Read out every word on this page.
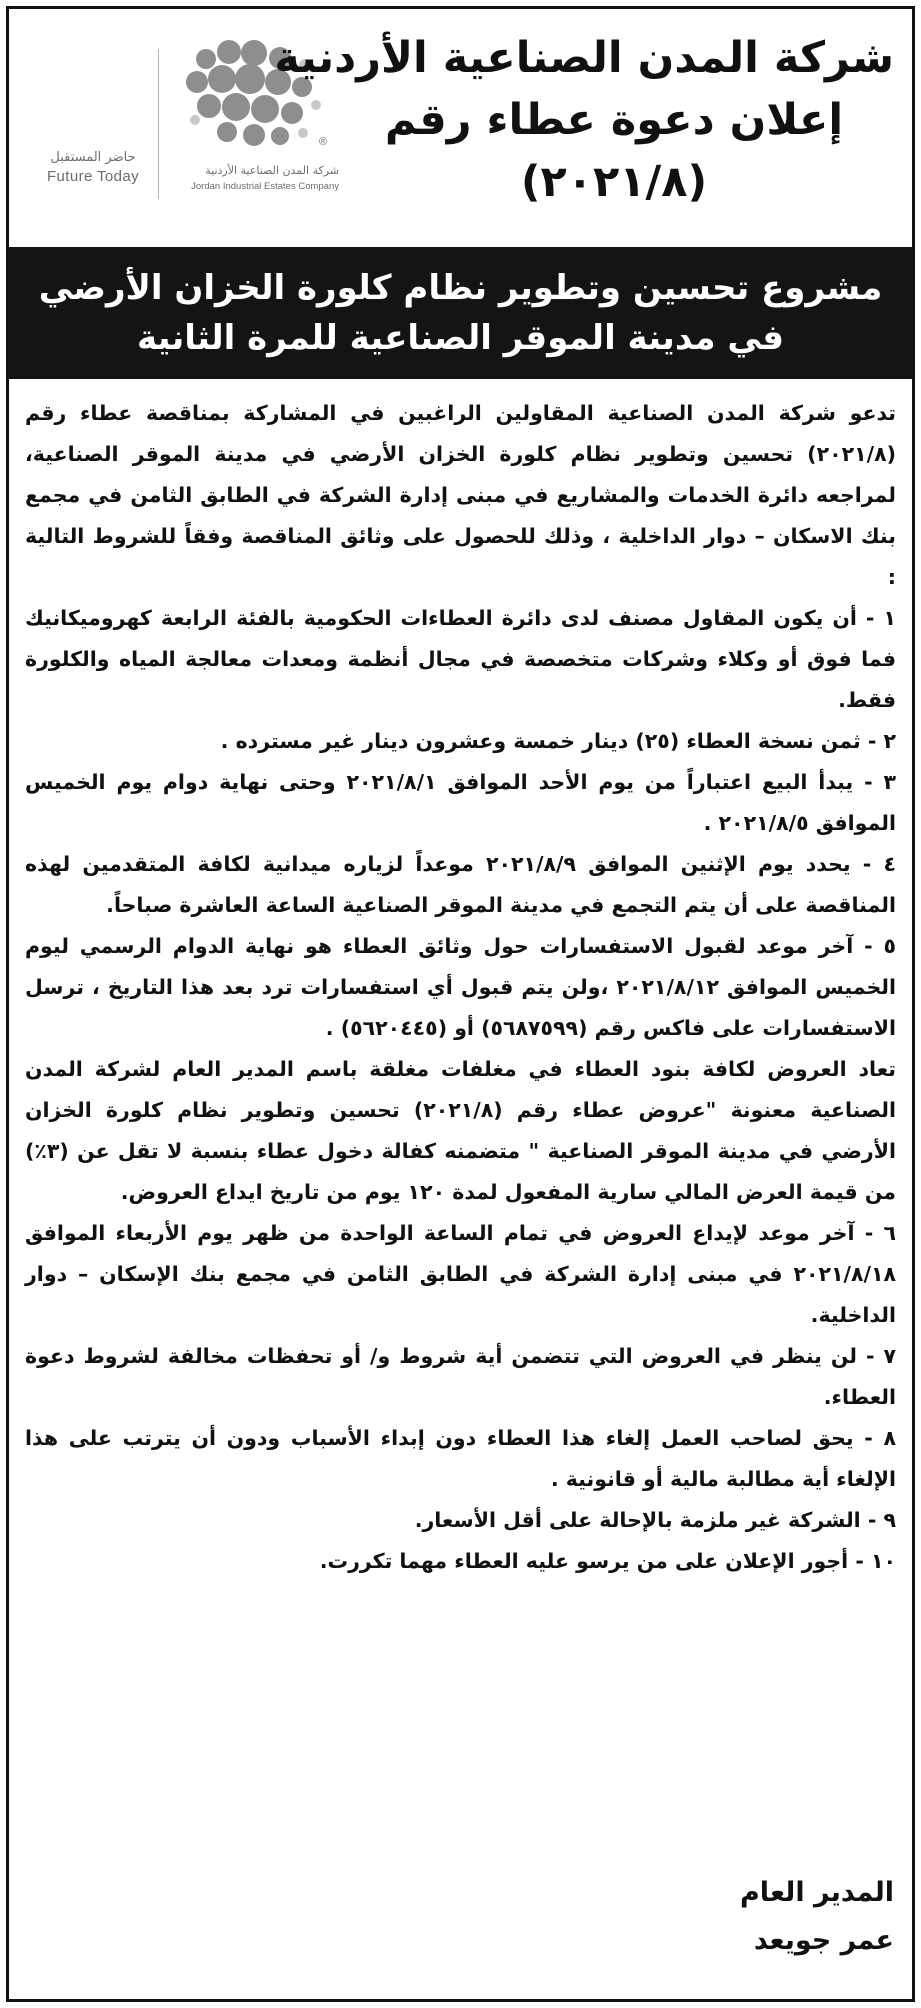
حاضر المستقبل
Future Today
®
شركة المدن الصناعية الأردنية
Jordan Industrial Estates Company
شركة المدن الصناعية الأردنية
إعلان دعوة عطاء رقم
(٢٠٢١/٨)
مشروع تحسين وتطوير نظام كلورة الخزان الأرضي
في مدينة الموقر الصناعية للمرة الثانية

تدعو شركة المدن الصناعية المقاولين الراغبين في المشاركة بمناقصة عطاء رقم (٢٠٢١/٨) تحسين وتطوير نظام كلورة الخزان الأرضي في مدينة الموقر الصناعية، لمراجعه دائرة الخدمات والمشاريع في مبنى إدارة الشركة في الطابق الثامن في مجمع بنك الاسكان – دوار الداخلية ، وذلك للحصول على وثائق المناقصة وفقاً للشروط التالية :

١ - أن يكون المقاول مصنف لدى دائرة العطاءات الحكومية بالفئة الرابعة كهروميكانيك فما فوق أو وكلاء وشركات متخصصة في مجال أنظمة ومعدات معالجة المياه والكلورة فقط.

٢ - ثمن نسخة العطاء (٢٥) دينار خمسة وعشرون دينار غير مسترده .

٣ - يبدأ البيع اعتباراً من يوم الأحد الموافق ٢٠٢١/٨/١ وحتى نهاية دوام يوم الخميس الموافق ٢٠٢١/٨/٥ .

٤ - يحدد يوم الإثنين الموافق ٢٠٢١/٨/٩ موعداً لزياره ميدانية لكافة المتقدمين لهذه المناقصة على أن يتم التجمع في مدينة الموقر الصناعية الساعة العاشرة صباحاً.

٥ - آخر موعد لقبول الاستفسارات حول وثائق العطاء هو نهاية الدوام الرسمي ليوم الخميس الموافق ٢٠٢١/٨/١٢ ،ولن يتم قبول أي استفسارات ترد بعد هذا التاريخ ، ترسل الاستفسارات على فاكس رقم (٥٦٨٧٥٩٩) أو (٥٦٢٠٤٤٥) .

تعاد العروض لكافة بنود العطاء في مغلفات مغلقة باسم المدير العام لشركة المدن الصناعية معنونة "عروض عطاء رقم (٢٠٢١/٨) تحسين وتطوير نظام كلورة الخزان الأرضي في مدينة الموقر الصناعية " متضمنه كفالة دخول عطاء بنسبة لا تقل عن (٣٪) من قيمة العرض المالي سارية المفعول لمدة ١٢٠ يوم من تاريخ ايداع العروض.

٦ - آخر موعد لإيداع العروض في تمام الساعة الواحدة من ظهر يوم الأربعاء الموافق ٢٠٢١/٨/١٨ في مبنى إدارة الشركة في الطابق الثامن في مجمع بنك الإسكان – دوار الداخلية.

٧ - لن ينظر في العروض التي تتضمن أية شروط و/ أو تحفظات مخالفة لشروط دعوة العطاء.

٨ - يحق لصاحب العمل إلغاء هذا العطاء دون إبداء الأسباب ودون أن يترتب على هذا الإلغاء أية مطالبة مالية أو قانونية .

٩ - الشركة غير ملزمة بالإحالة على أقل الأسعار.

١٠ - أجور الإعلان على من يرسو عليه العطاء مهما تكررت.

المدير العام
عمر جويعد
